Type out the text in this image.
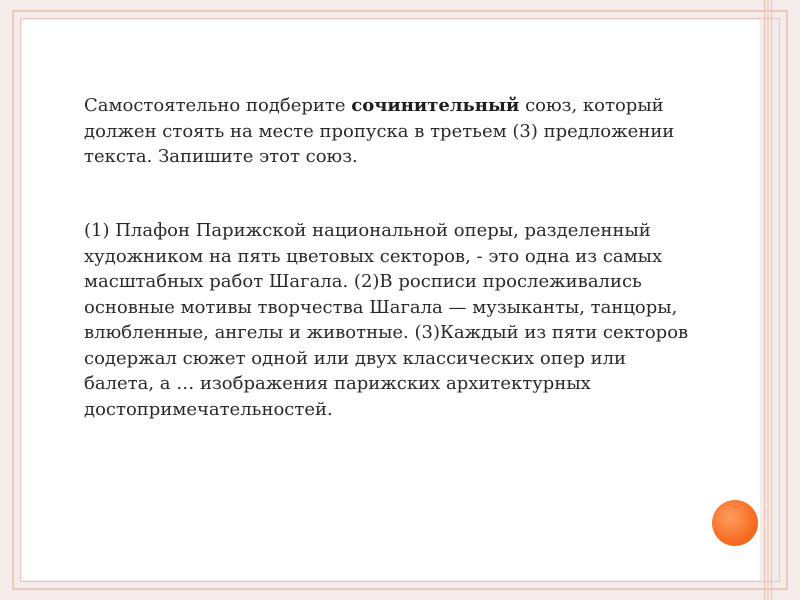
Самостоятельно подберите сочинительный союз, который должен стоять на месте пропуска в третьем (3) предложении текста. Запишите этот союз.
(1) Плафон Парижской национальной оперы, разделенный художником на пять цветовых секторов, - это одна из самых масштабных работ Шагала. (2)В росписи прослеживались основные мотивы творчества Шагала — музыканты, танцоры, влюбленные, ангелы и животные. (3)Каждый из пяти секторов содержал сюжет одной или двух классических опер или балета, а … изображения парижских архитектурных достопримечательностей.
